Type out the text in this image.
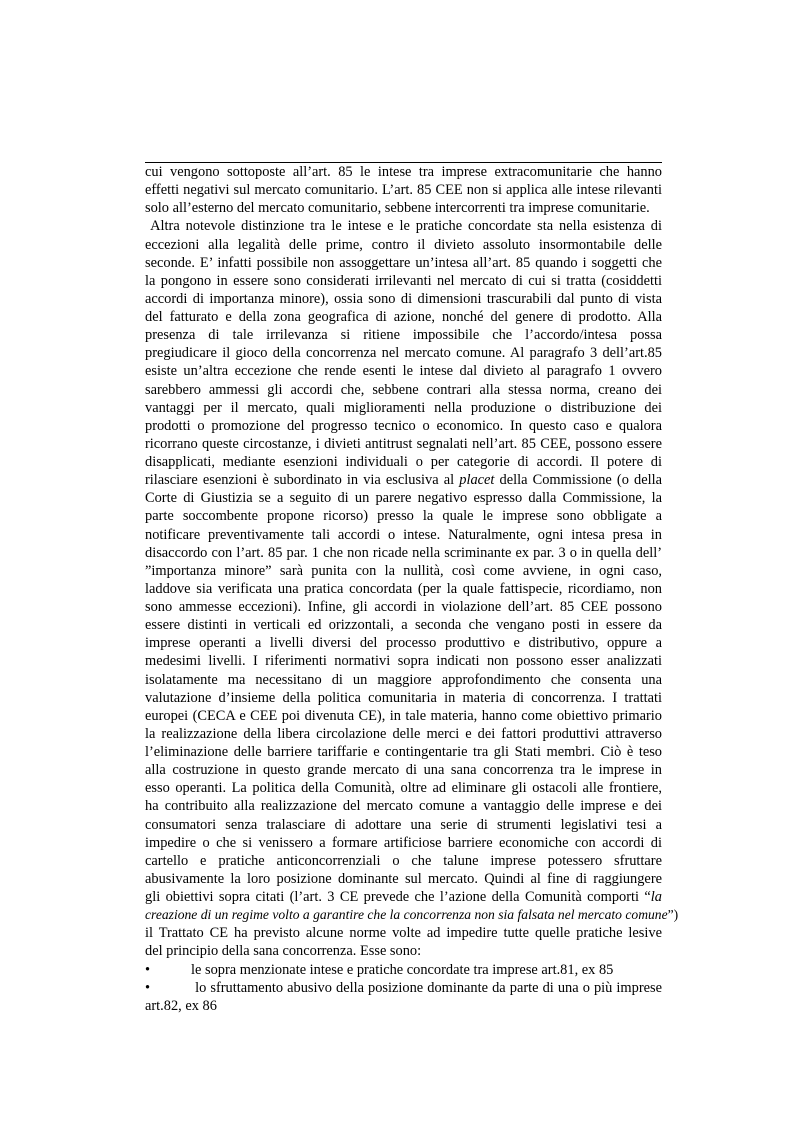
cui vengono sottoposte all’art. 85 le intese tra imprese extracomunitarie che hanno
effetti negativi sul mercato comunitario. L’art. 85 CEE non si applica alle intese rilevanti
solo all’esterno del mercato comunitario, sebbene intercorrenti tra imprese comunitarie.
Altra notevole distinzione tra le intese e le pratiche concordate sta nella esistenza di
eccezioni alla legalità delle prime, contro il divieto assoluto insormontabile delle
seconde. E’ infatti possibile non assoggettare un’intesa all’art. 85 quando i soggetti che
la pongono in essere sono considerati irrilevanti nel mercato di cui si tratta (cosiddetti
accordi di importanza minore), ossia sono di dimensioni trascurabili dal punto di vista
del fatturato e della zona geografica di azione, nonché del genere di prodotto. Alla
presenza di tale irrilevanza si ritiene impossibile che l’accordo/intesa possa
pregiudicare il gioco della concorrenza nel mercato comune. Al paragrafo 3 dell’art.85
esiste un’altra eccezione che rende esenti le intese dal divieto al paragrafo 1 ovvero
sarebbero ammessi gli accordi che, sebbene contrari alla stessa norma, creano dei
vantaggi per il mercato, quali miglioramenti nella produzione o distribuzione dei
prodotti o promozione del progresso tecnico o economico. In questo caso e qualora
ricorrano queste circostanze, i divieti antitrust segnalati nell’art. 85 CEE, possono essere
disapplicati, mediante esenzioni individuali o per categorie di accordi. Il potere di
rilasciare esenzioni è subordinato in via esclusiva al placet della Commissione (o della
Corte di Giustizia se a seguito di un parere negativo espresso dalla Commissione, la
parte soccombente propone ricorso) presso la quale le imprese sono obbligate a
notificare preventivamente tali accordi o intese. Naturalmente, ogni intesa presa in
disaccordo con l’art. 85 par. 1 che non ricade nella scriminante ex par. 3 o in quella dell’
”importanza minore” sarà punita con la nullità, così come avviene, in ogni caso,
laddove sia verificata una pratica concordata (per la quale fattispecie, ricordiamo, non
sono ammesse eccezioni). Infine, gli accordi in violazione dell’art. 85 CEE possono
essere distinti in verticali ed orizzontali, a seconda che vengano posti in essere da
imprese operanti a livelli diversi del processo produttivo e distributivo, oppure a
medesimi livelli. I riferimenti normativi sopra indicati non possono esser analizzati
isolatamente ma necessitano di un maggiore approfondimento che consenta una
valutazione d’insieme della politica comunitaria in materia di concorrenza. I trattati
europei (CECA e CEE poi divenuta CE), in tale materia, hanno come obiettivo primario
la realizzazione della libera circolazione delle merci e dei fattori produttivi attraverso
l’eliminazione delle barriere tariffarie e contingentarie tra gli Stati membri. Ciò è teso
alla costruzione in questo grande mercato di una sana concorrenza tra le imprese in
esso operanti. La politica della Comunità, oltre ad eliminare gli ostacoli alle frontiere,
ha contribuito alla realizzazione del mercato comune a vantaggio delle imprese e dei
consumatori senza tralasciare di adottare una serie di strumenti legislativi tesi a
impedire o che si venissero a formare artificiose barriere economiche con accordi di
cartello e pratiche anticoncorrenziali o che talune imprese potessero sfruttare
abusivamente la loro posizione dominante sul mercato. Quindi al fine di raggiungere
gli obiettivi sopra citati (l’art. 3 CE prevede che l’azione della Comunità comporti “la
creazione di un regime volto a garantire che la concorrenza non sia falsata nel mercato comune”)
il Trattato CE ha previsto alcune norme volte ad impedire tutte quelle pratiche lesive
del principio della sana concorrenza. Esse sono:
•	le sopra menzionate intese e pratiche concordate tra imprese art.81, ex 85
•	lo sfruttamento abusivo della posizione dominante da parte di una o più imprese art.82, ex 86
